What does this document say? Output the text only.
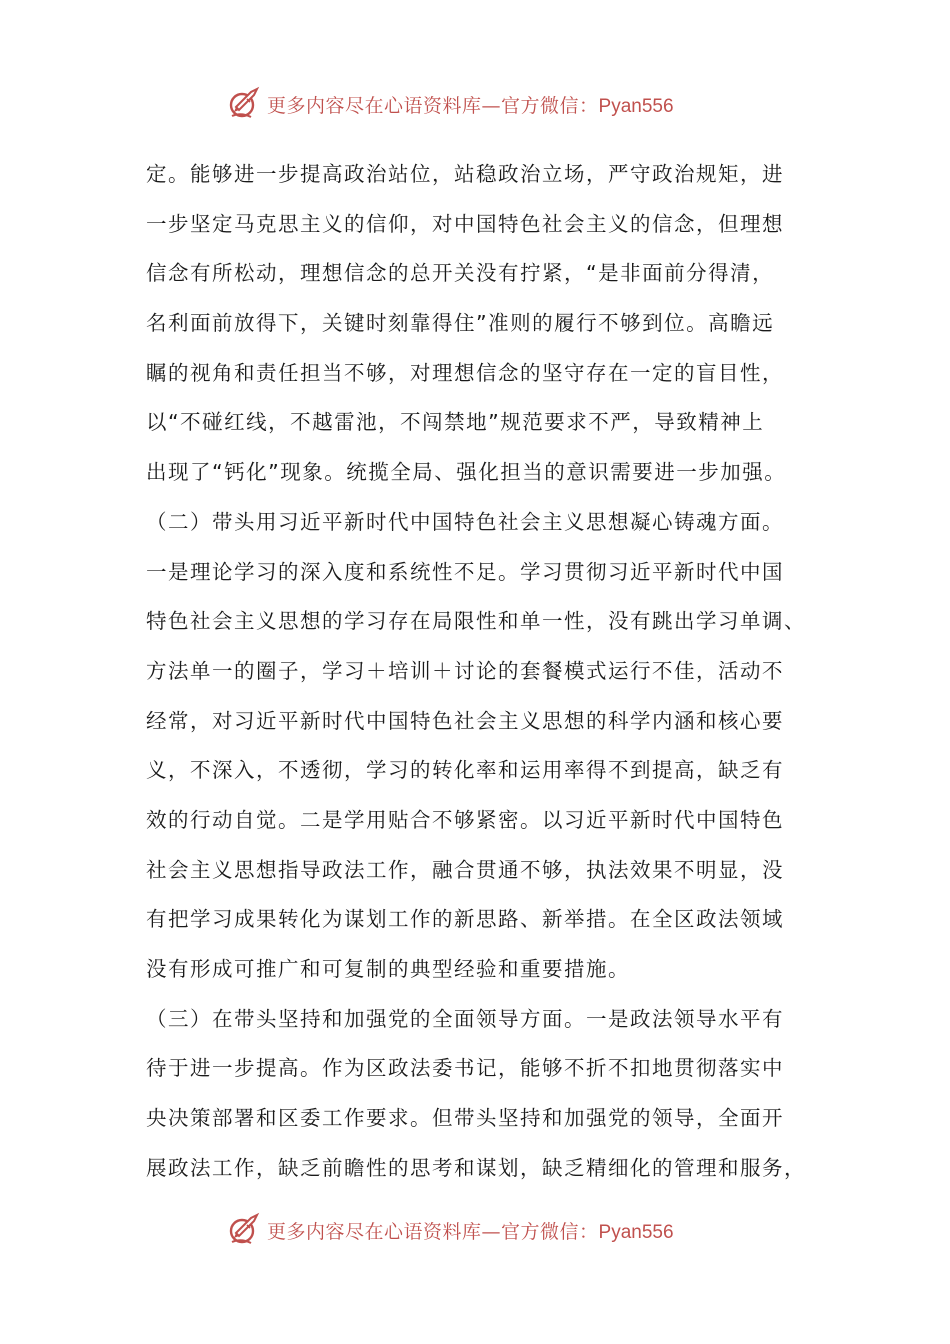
更多内容尽在心语资料库—官方微信：Pyan556
定。能够进一步提高政治站位，站稳政治立场，严守政治规矩，进
一步坚定马克思主义的信仰，对中国特色社会主义的信念，但理想
信念有所松动，理想信念的总开关没有拧紧，“是非面前分得清，
名利面前放得下，关键时刻靠得住”准则的履行不够到位。高瞻远
瞩的视角和责任担当不够，对理想信念的坚守存在一定的盲目性，
以“不碰红线，不越雷池，不闯禁地”规范要求不严，导致精神上
出现了“钙化”现象。统揽全局、强化担当的意识需要进一步加强。
（二）带头用习近平新时代中国特色社会主义思想凝心铸魂方面。
一是理论学习的深入度和系统性不足。学习贯彻习近平新时代中国
特色社会主义思想的学习存在局限性和单一性，没有跳出学习单调、
方法单一的圈子，学习＋培训＋讨论的套餐模式运行不佳，活动不
经常，对习近平新时代中国特色社会主义思想的科学内涵和核心要
义，不深入，不透彻，学习的转化率和运用率得不到提高，缺乏有
效的行动自觉。二是学用贴合不够紧密。以习近平新时代中国特色
社会主义思想指导政法工作，融合贯通不够，执法效果不明显，没
有把学习成果转化为谋划工作的新思路、新举措。在全区政法领域
没有形成可推广和可复制的典型经验和重要措施。
（三）在带头坚持和加强党的全面领导方面。一是政法领导水平有
待于进一步提高。作为区政法委书记，能够不折不扣地贯彻落实中
央决策部署和区委工作要求。但带头坚持和加强党的领导，全面开
展政法工作，缺乏前瞻性的思考和谋划，缺乏精细化的管理和服务，
更多内容尽在心语资料库—官方微信：Pyan556
